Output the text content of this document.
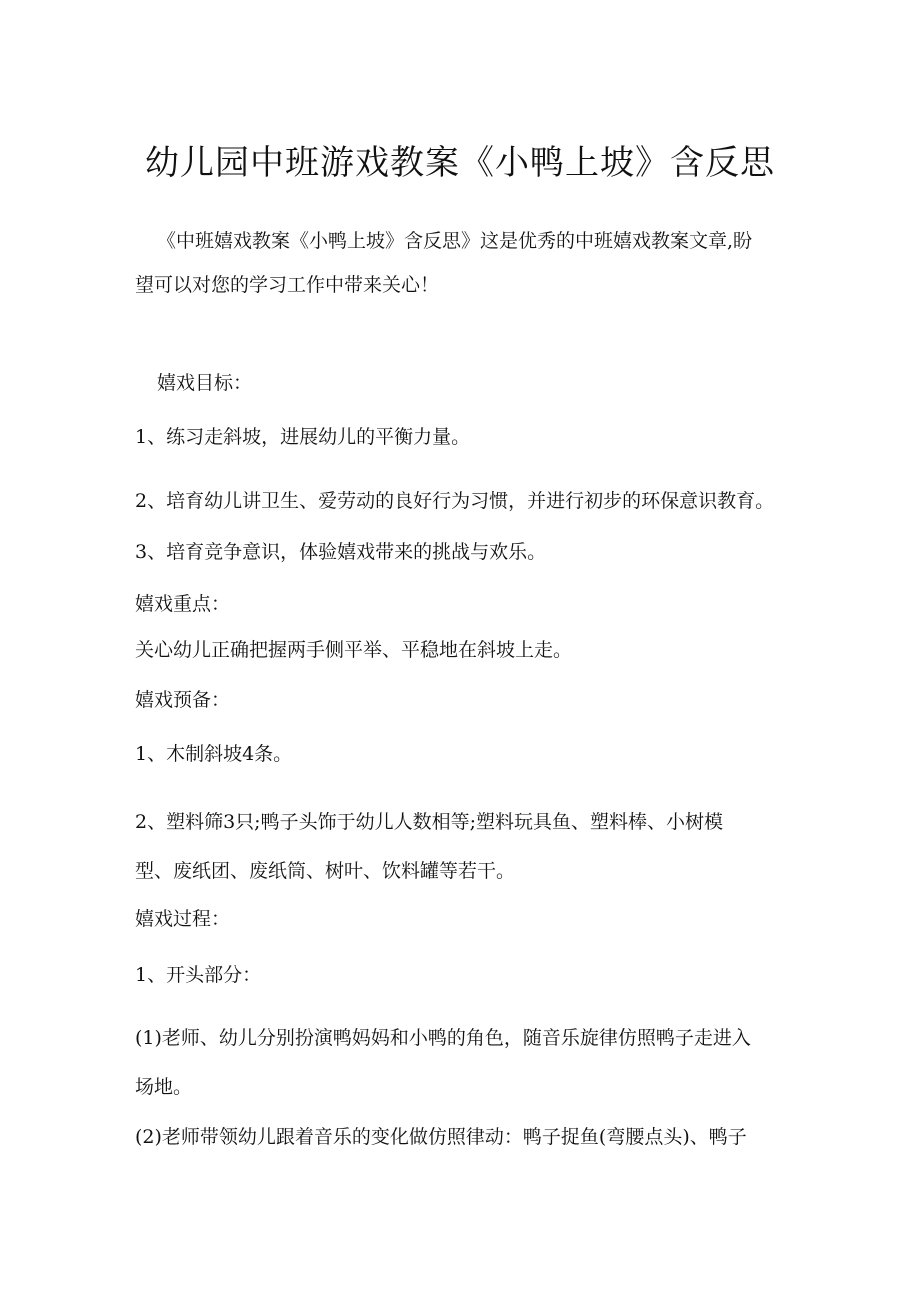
幼儿园中班游戏教案《小鸭上坡》含反思

《中班嬉戏教案《小鸭上坡》含反思》这是优秀的中班嬉戏教案文章,盼

望可以对您的学习工作中带来关心！

嬉戏目标：

1、练习走斜坡，进展幼儿的平衡力量。

2、培育幼儿讲卫生、爱劳动的良好行为习惯，并进行初步的环保意识教育。

3、培育竞争意识，体验嬉戏带来的挑战与欢乐。

嬉戏重点：

关心幼儿正确把握两手侧平举、平稳地在斜坡上走。

嬉戏预备：

1、木制斜坡4条。

2、塑料筛3只;鸭子头饰于幼儿人数相等;塑料玩具鱼、塑料棒、小树模

型、废纸团、废纸筒、树叶、饮料罐等若干。

嬉戏过程：

1、开头部分：

(1)老师、幼儿分别扮演鸭妈妈和小鸭的角色，随音乐旋律仿照鸭子走进入

场地。

(2)老师带领幼儿跟着音乐的变化做仿照律动：鸭子捉鱼(弯腰点头)、鸭子
